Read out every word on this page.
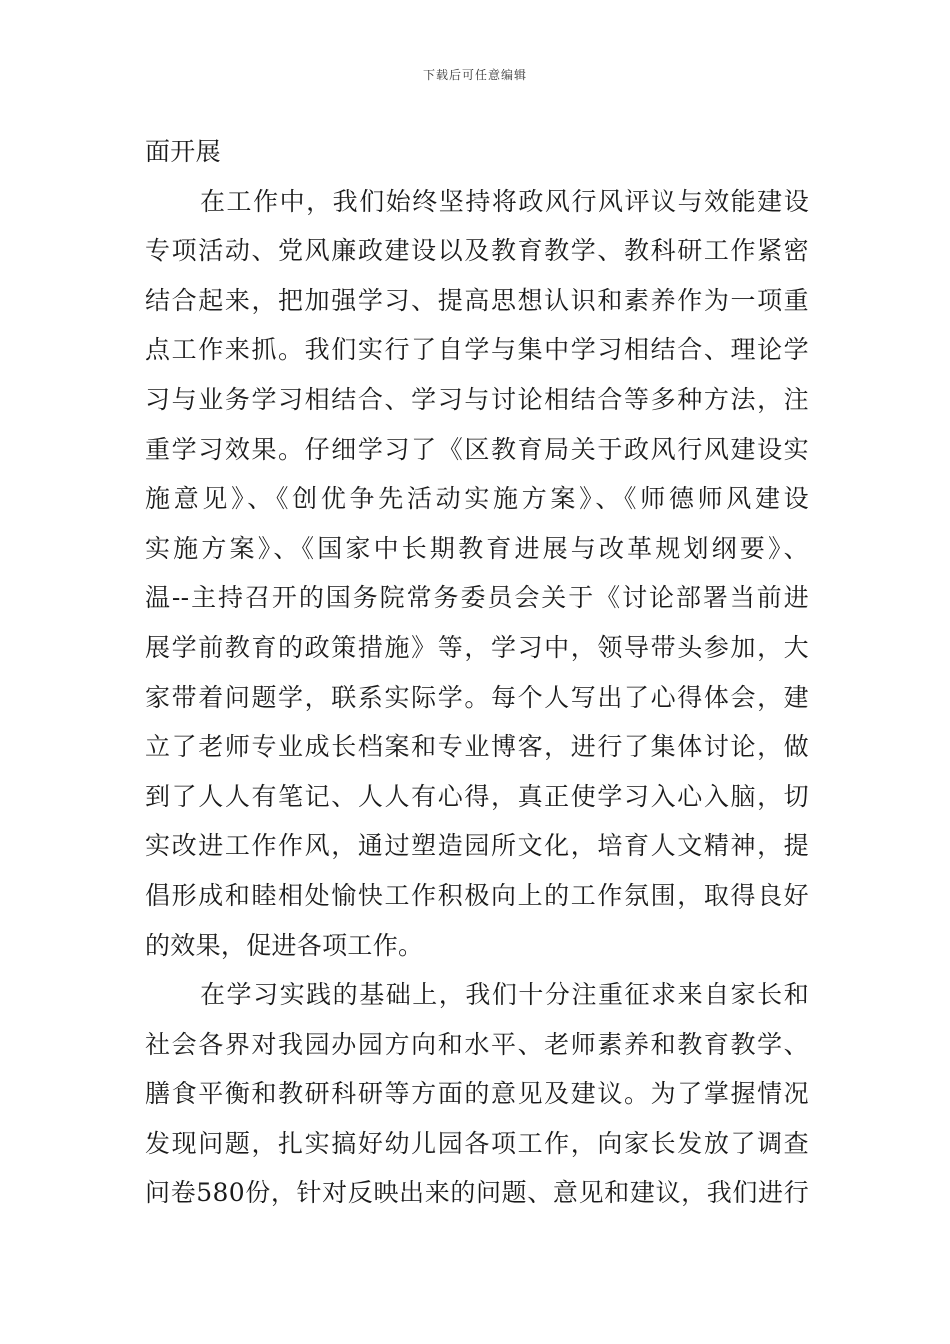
下载后可任意编辑
面开展
在工作中，我们始终坚持将政风行风评议与效能建设
专项活动、党风廉政建设以及教育教学、教科研工作紧密
结合起来，把加强学习、提高思想认识和素养作为一项重
点工作来抓。我们实行了自学与集中学习相结合、理论学
习与业务学习相结合、学习与讨论相结合等多种方法，注
重学习效果。仔细学习了《区教育局关于政风行风建设实
施意见》、《创优争先活动实施方案》、《师德师风建设
实施方案》、《国家中长期教育进展与改革规划纲要》、
温--主持召开的国务院常务委员会关于《讨论部署当前进
展学前教育的政策措施》等，学习中，领导带头参加，大
家带着问题学，联系实际学。每个人写出了心得体会，建
立了老师专业成长档案和专业博客，进行了集体讨论，做
到了人人有笔记、人人有心得，真正使学习入心入脑，切
实改进工作作风，通过塑造园所文化，培育人文精神，提
倡形成和睦相处愉快工作积极向上的工作氛围，取得良好
的效果，促进各项工作。
在学习实践的基础上，我们十分注重征求来自家长和
社会各界对我园办园方向和水平、老师素养和教育教学、
膳食平衡和教研科研等方面的意见及建议。为了掌握情况
发现问题，扎实搞好幼儿园各项工作，向家长发放了调查
问卷580份，针对反映出来的问题、意见和建议，我们进行
